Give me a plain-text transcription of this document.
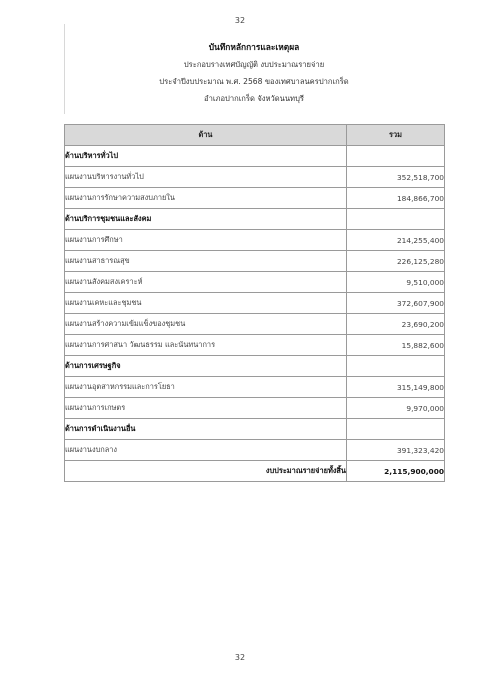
32
บันทึกหลักการและเหตุผล
ประกอบรางเทศบัญญัติ งบประมาณรายจ่าย
ประจำปีงบประมาณ พ.ศ. 2568 ของเทศบาลนครปากเกร็ด
อำเภอปากเกร็ด จังหวัดนนทบุรี
ด้าน	รวม
ด้านบริหารทั่วไป	
แผนงานบริหารงานทั่วไป	352,518,700
แผนงานการรักษาความสงบภายใน	184,866,700
ด้านบริการชุมชนและสังคม	
แผนงานการศึกษา	214,255,400
แผนงานสาธารณสุข	226,125,280
แผนงานสังคมสงเคราะห์	9,510,000
แผนงานเคหะและชุมชน	372,607,900
แผนงานสร้างความเข้มแข็งของชุมชน	23,690,200
แผนงานการศาสนา วัฒนธรรม และนันทนาการ	15,882,600
ด้านการเศรษฐกิจ	
แผนงานอุตสาหกรรมและการโยธา	315,149,800
แผนงานการเกษตร	9,970,000
ด้านการดำเนินงานอื่น	
แผนงานงบกลาง	391,323,420
งบประมาณรายจ่ายทั้งสิ้น	2,115,900,000
32
